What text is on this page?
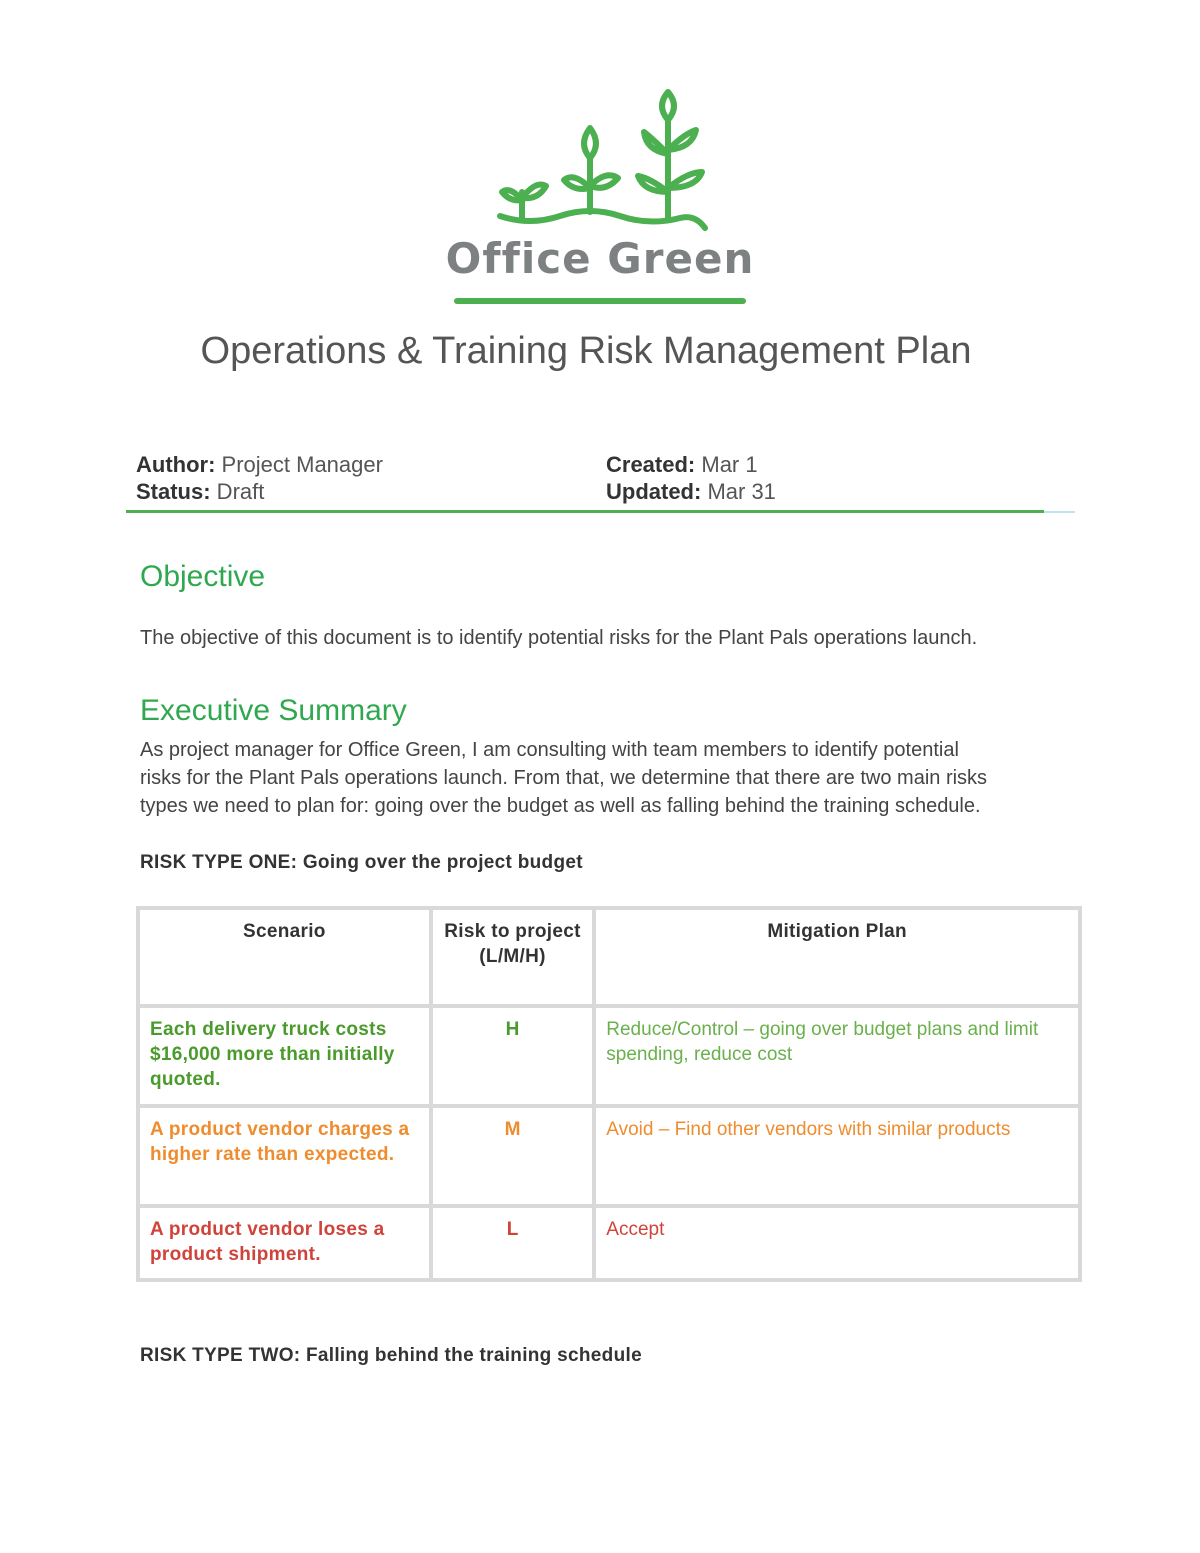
Office Green
Operations & Training Risk Management Plan
Author: Project Manager	Created: Mar 1
Status: Draft	Updated: Mar 31
Objective

The objective of this document is to identify potential risks for the Plant Pals operations launch.

Executive Summary
As project manager for Office Green, I am consulting with team members to identify potential
risks for the Plant Pals operations launch. From that, we determine that there are two main risks
types we need to plan for: going over the budget as well as falling behind the training schedule.

RISK TYPE ONE: Going over the project budget

Scenario	Risk to project (L/M/H)	Mitigation Plan
Each delivery truck costs $16,000 more than initially quoted.	H	Reduce/Control – going over budget plans and limit spending, reduce cost
A product vendor charges a higher rate than expected.	M	Avoid – Find other vendors with similar products
A product vendor loses a product shipment.	L	Accept

RISK TYPE TWO: Falling behind the training schedule
